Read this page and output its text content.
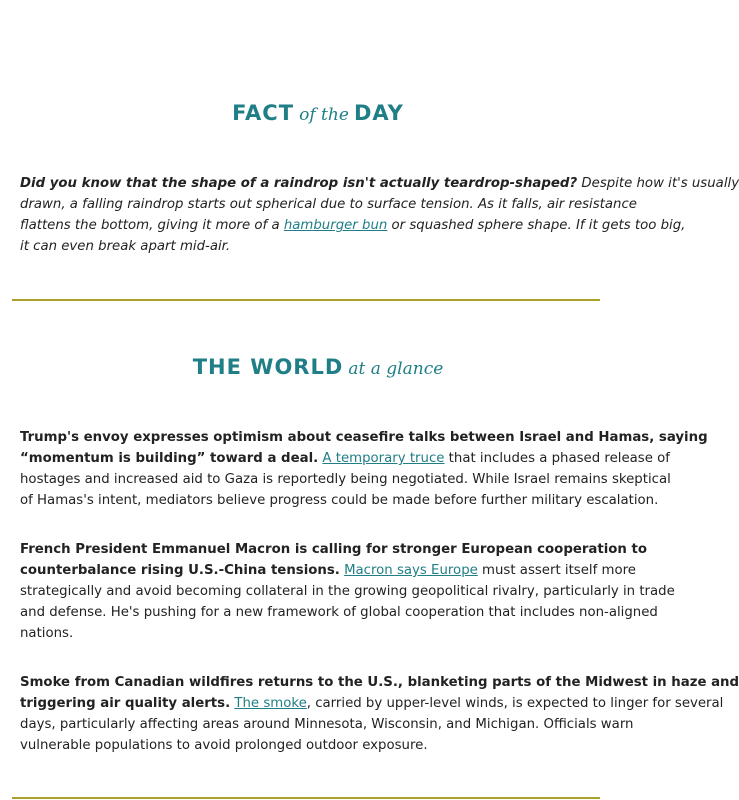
FACT of the DAY
Did you know that the shape of a raindrop isn't actually teardrop-shaped? Despite how it's usually
drawn, a falling raindrop starts out spherical due to surface tension. As it falls, air resistance
flattens the bottom, giving it more of a hamburger bun or squashed sphere shape. If it gets too big,
it can even break apart mid-air.
THE WORLD at a glance
Trump's envoy expresses optimism about ceasefire talks between Israel and Hamas, saying
“momentum is building” toward a deal. A temporary truce that includes a phased release of
hostages and increased aid to Gaza is reportedly being negotiated. While Israel remains skeptical
of Hamas's intent, mediators believe progress could be made before further military escalation.
French President Emmanuel Macron is calling for stronger European cooperation to
counterbalance rising U.S.-China tensions. Macron says Europe must assert itself more
strategically and avoid becoming collateral in the growing geopolitical rivalry, particularly in trade
and defense. He's pushing for a new framework of global cooperation that includes non-aligned
nations.
Smoke from Canadian wildfires returns to the U.S., blanketing parts of the Midwest in haze and
triggering air quality alerts. The smoke, carried by upper-level winds, is expected to linger for several
days, particularly affecting areas around Minnesota, Wisconsin, and Michigan. Officials warn
vulnerable populations to avoid prolonged outdoor exposure.
